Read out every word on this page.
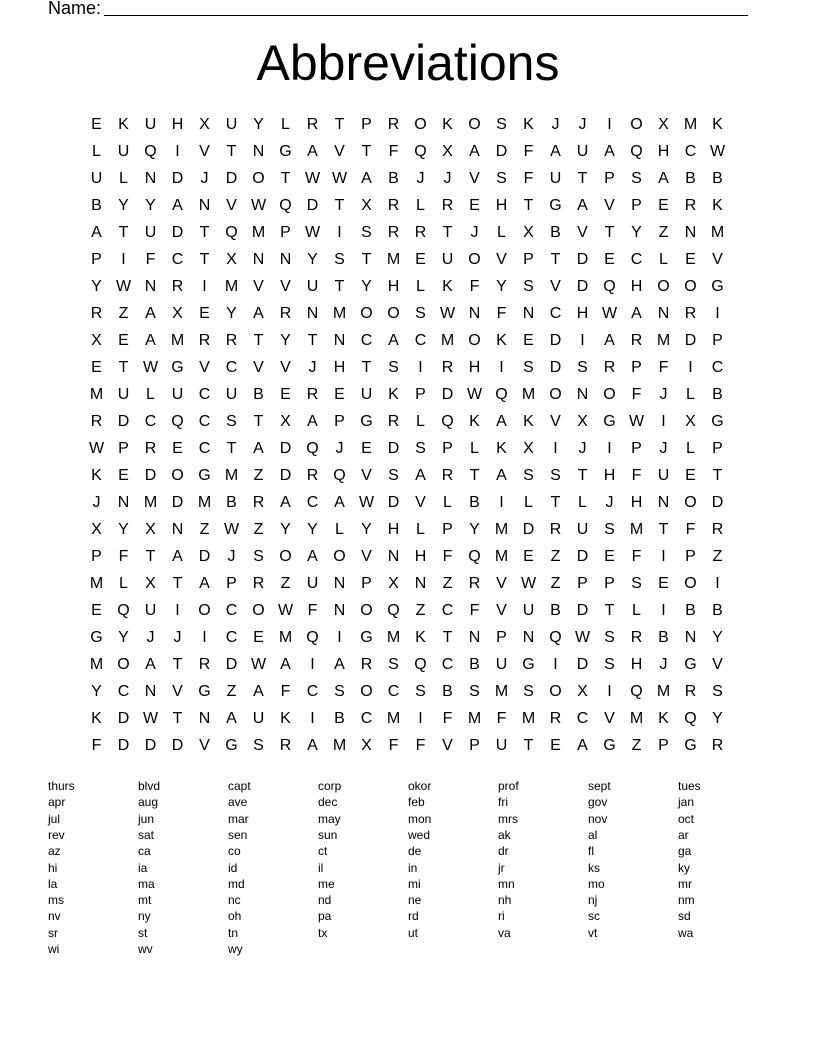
Name:
Abbreviations
E	K U H X U Y	L	R	T	P R O K O S	K	J	J	I	O X M K
L	U Q	I	V	T	N G A	V	T	F Q X	A D	F	A U A Q H C W
U	L	N D	J	D O T W W A	B	J	J	V	S	F	U	T	P	S	A	B	B
B	Y	Y	A N V W Q D	T	X R	L	R E H	T G A	V	P	E R K
A	T	U D	T Q M P W	I	S R R	T	J	L	X	B	V	T	Y	Z	N M
P	I	F	C	T	X N N Y	S	T M E U O V	P	T	D E C	L	E	V
Y W N R	I	M V	V U	T	Y H	L	K	F	Y	S	V D Q H O O G
R	Z	A	X	E	Y	A R N M O O S W N	F	N C H W A N R	I
X	E	A M R R	T	Y	T	N C A C M O K	E D	I	A R M D P
E	T W G V C V	V	J	H	T	S	I	R H	I	S D S R P	F	I	C
M U	L	U C U B	E R E U K	P D W Q M O N O F	J	L	B
R D C Q C S	T	X	A	P G R	L	Q K	A	K	V	X G W	I	X G
W P R E C	T	A D Q	J	E D S	P	L	K	X	I	J	I	P	J	L	P
K	E D O G M Z	D R Q V	S	A R	T	A	S	S	T	H	F	U E	T
J	N M D M B R A C A W D V	L	B	I	L	T	L	J	H N O D
X	Y	X N	Z W Z	Y	Y	L	Y H	L	P	Y M D R U S M T	F	R
P	F	T	A D	J	S O A O V N H	F Q M E	Z	D E	F	I	P	Z
M L	X	T	A	P R	Z	U N P	X N	Z	R V W Z	P	P	S	E O	I
E Q U	I	O C O W F	N O Q Z	C	F	V U B D	T	L	I	B	B
G Y	J	J	I	C E M Q	I	G M K	T	N P N Q W S R B N Y
M O A	T	R D W A	I	A R S Q C B U G	I	D S H	J	G V
Y C N V G Z	A	F	C S O C S	B	S M S O X	I	Q M R S
K D W T	N A U K	I	B C M	I	F M F M R C V M K Q Y
F	D D D V G S R A M X	F	F	V	P U	T	E	A G Z	P G R
thurs	blvd	capt	corp	okor	prof	sept	tues
apr	aug	ave	dec	feb	fri	gov	jan
jul	jun	mar	may	mon	mrs	nov	oct
rev	sat	sen	sun	wed	ak	al	ar
az	ca	co	ct	de	dr	fl	ga
hi	ia	id	il	in	jr	ks	ky
la	ma	md	me	mi	mn	mo	mr
ms	mt	nc	nd	ne	nh	nj	nm
nv	ny	oh	pa	rd	ri	sc	sd
sr	st	tn	tx	ut	va	vt	wa
wi	wv	wy
